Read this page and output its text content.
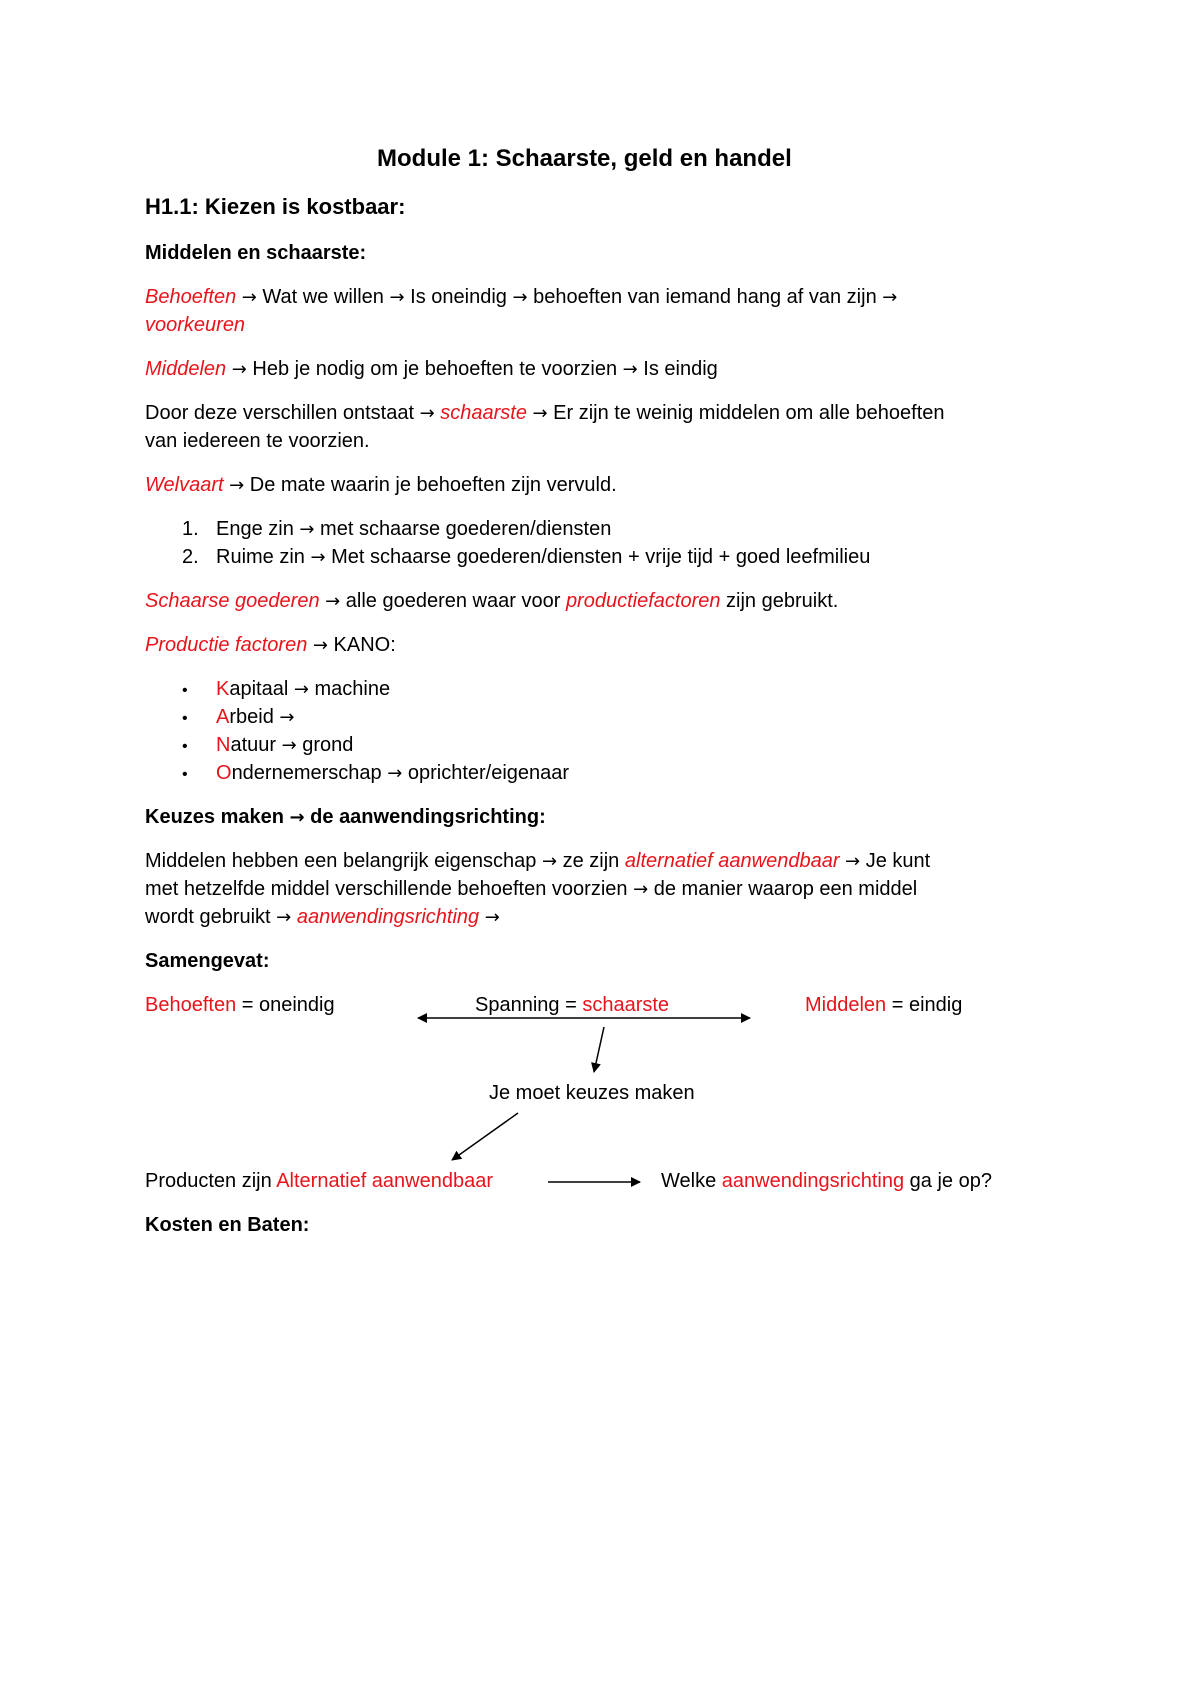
Module 1: Schaarste, geld en handel
H1.1: Kiezen is kostbaar:
Middelen en schaarste:
Behoeften → Wat we willen → Is oneindig → behoeften van iemand hang af van zijn →
voorkeuren
Middelen → Heb je nodig om je behoeften te voorzien → Is eindig
Door deze verschillen ontstaat → schaarste → Er zijn te weinig middelen om alle behoeften
van iedereen te voorzien.
Welvaart → De mate waarin je behoeften zijn vervuld.
1. Enge zin → met schaarse goederen/diensten
2. Ruime zin → Met schaarse goederen/diensten + vrije tijd + goed leefmilieu
Schaarse goederen → alle goederen waar voor productiefactoren zijn gebruikt.
Productie factoren → KANO:
• Kapitaal → machine
• Arbeid →
• Natuur → grond
• Ondernemerschap → oprichter/eigenaar
Keuzes maken → de aanwendingsrichting:
Middelen hebben een belangrijk eigenschap → ze zijn alternatief aanwendbaar → Je kunt
met hetzelfde middel verschillende behoeften voorzien → de manier waarop een middel
wordt gebruikt → aanwendingsrichting →
Samengevat:
Behoeften = oneindig	Spanning = schaarste	Middelen = eindig
Je moet keuzes maken
Producten zijn Alternatief aanwendbaar	Welke aanwendingsrichting ga je op?
Kosten en Baten:
